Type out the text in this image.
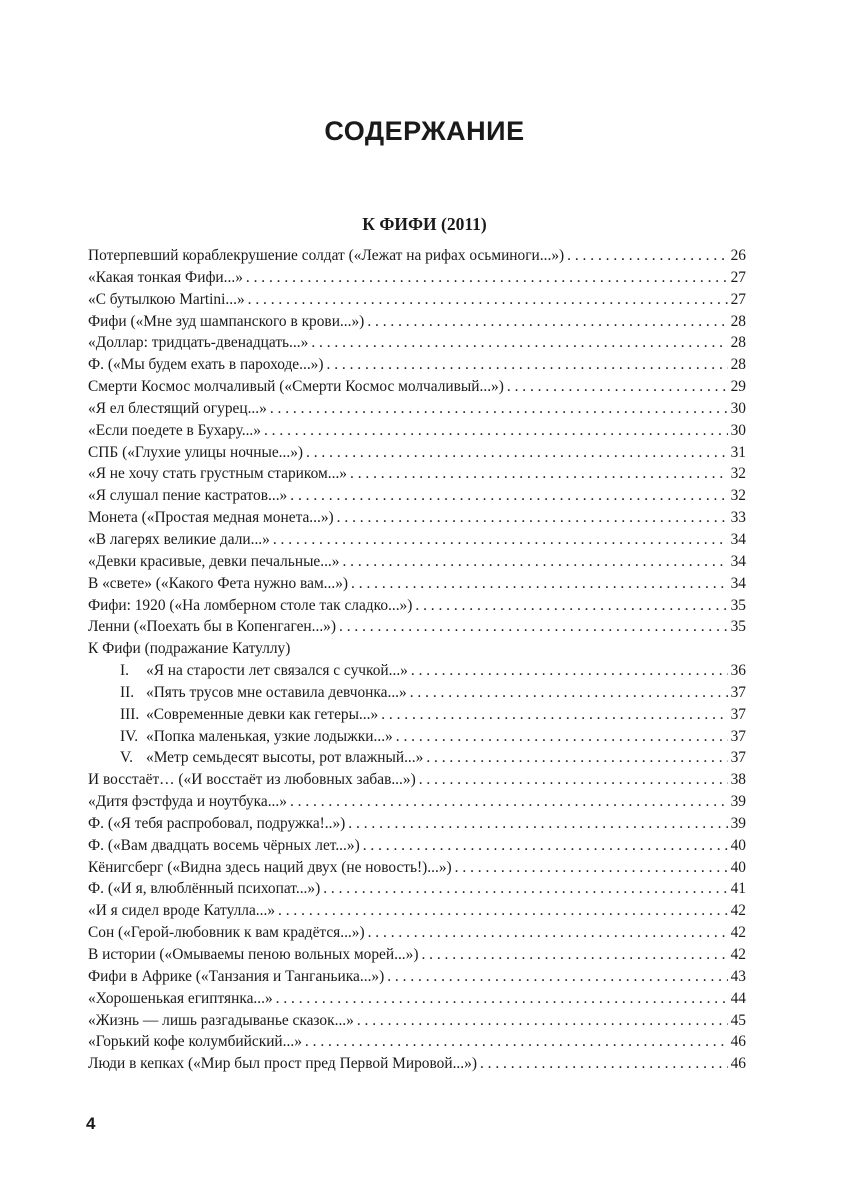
СОДЕРЖАНИЕ
К ФИФИ (2011)
Потерпевший кораблекрушение солдат («Лежат на рифах осьминоги...») . . .	26
«Какая тонкая Фифи...» . . .	27
«С бутылкою Martini...» . . .	27
Фифи («Мне зуд шампанского в крови...») . . .	28
«Доллар: тридцать-двенадцать...» . . .	28
Ф. («Мы будем ехать в пароходе...») . . .	28
Смерти Космос молчаливый («Смерти Космос молчаливый...») . . .	29
«Я ел блестящий огурец...» . . .	30
«Если поедете в Бухару...» . . .	30
СПБ («Глухие улицы ночные...») . . .	31
«Я не хочу стать грустным стариком...» . . .	32
«Я слушал пение кастратов...» . . .	32
Монета («Простая медная монета...») . . .	33
«В лагерях великие дали...» . . .	34
«Девки красивые, девки печальные...» . . .	34
В «свете» («Какого Фета нужно вам...») . . .	34
Фифи: 1920 («На ломберном столе так сладко...») . . .	35
Ленни («Поехать бы в Копенгаген...») . . .	35
К Фифи (подражание Катуллу)
I.	«Я на старости лет связался с сучкой...» . . .	36
II. «Пять трусов мне оставила девчонка...» . . .	37
III. «Современные девки как гетеры...» . . .	37
IV. «Попка маленькая, узкие лодыжки...» . . .	37
V. «Метр семьдесят высоты, рот влажный...» . . .	37
И восстаёт… («И восстаёт из любовных забав...») . . .	38
«Дитя фэстфуда и ноутбука...» . . .	39
Ф. («Я тебя распробовал, подружка!..») . . .	39
Ф. («Вам двадцать восемь чёрных лет...») . . .	40
Кёнигсберг («Видна здесь наций двух (не новость!)...») . . .	40
Ф. («И я, влюблённый психопат...») . . .	41
«И я сидел вроде Катулла...» . . .	42
Сон («Герой-любовник к вам крадётся...») . . .	42
В истории («Омываемы пеною вольных морей...») . . .	42
Фифи в Африке («Танзания и Танганьика...») . . .	43
«Хорошенькая египтянка...» . . .	44
«Жизнь — лишь разгадыванье сказок...» . . .	45
«Горький кофе колумбийский...» . . .	46
Люди в кепках («Мир был прост пред Первой Мировой...») . . .	46
4
